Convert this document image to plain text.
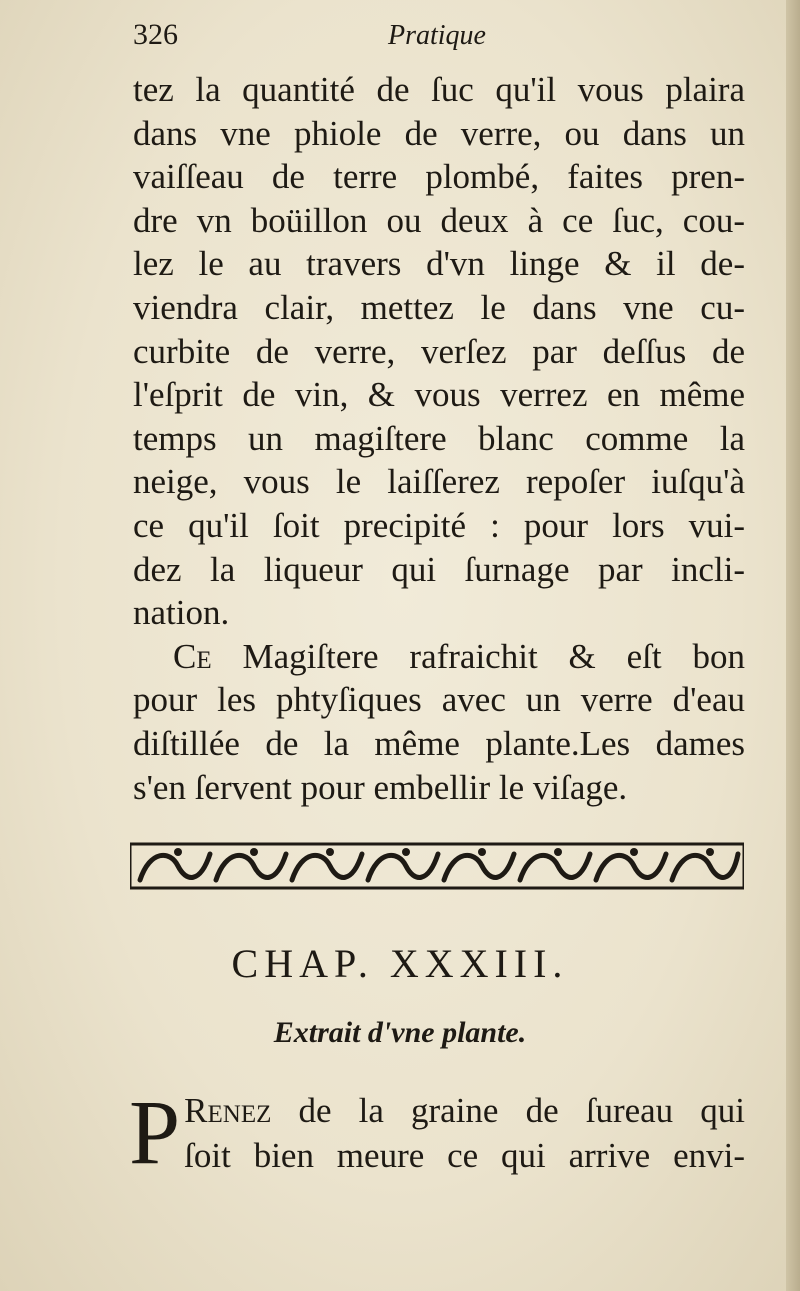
326	Pratique
tez la quantité de ſuc qu'il vous plaira
dans vne phiole de verre, ou dans un
vaiſſeau de terre plombé, faites pren-
dre vn boüillon ou deux à ce ſuc, cou-
lez le au travers d'vn linge & il de-
viendra clair, mettez le dans vne cu-
curbite de verre, verſez par deſſus de
l'eſprit de vin, & vous verrez en même
temps un magiſtere blanc comme la
neige, vous le laiſſerez repoſer iuſqu'à
ce qu'il ſoit precipité : pour lors vui-
dez la liqueur qui ſurnage par incli-
nation.
Ce Magiſtere rafraichit & eſt bon
pour les phtyſiques avec un verre d'eau
diſtillée de la même plante.Les dames
s'en ſervent pour embellir le viſage.
CHAP. XXXIII.
Extrait d'vne plante.
P Renez de la graine de ſureau qui
ſoit bien meure ce qui arrive envi-
